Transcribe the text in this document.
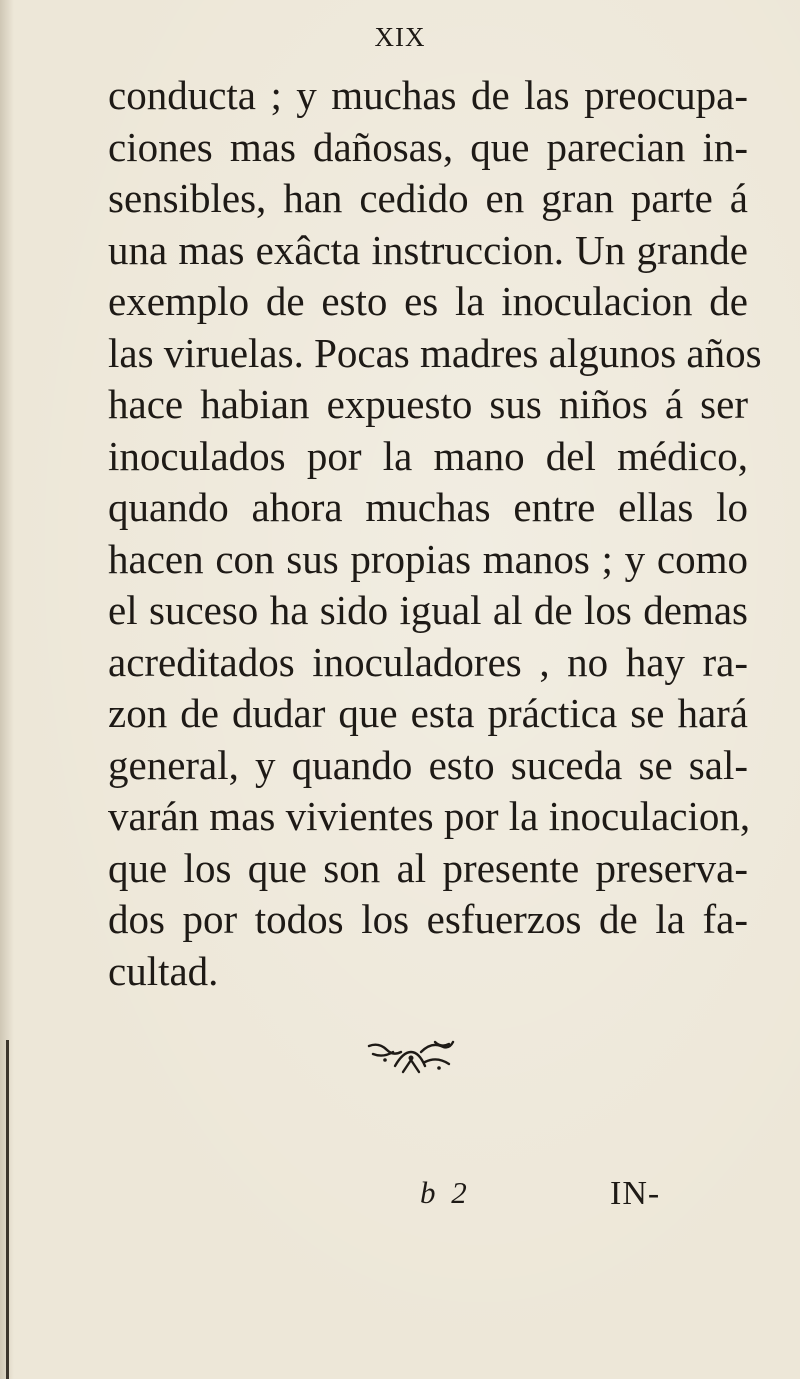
XIX
conducta ; y muchas de las preocupa-
ciones mas dañosas, que parecian in-
sensibles, han cedido en gran parte á
una mas exâcta instruccion. Un grande
exemplo de esto es la inoculacion de
las viruelas. Pocas madres algunos años
hace habian expuesto sus niños á ser
inoculados por la mano del médico,
quando ahora muchas entre ellas lo
hacen con sus propias manos ; y como
el suceso ha sido igual al de los demas
acreditados inoculadores , no hay ra-
zon de dudar que esta práctica se hará
general, y quando esto suceda se sal-
varán mas vivientes por la inoculacion,
que los que son al presente preserva-
dos por todos los esfuerzos de la fa-
cultad.
b 2	IN-
